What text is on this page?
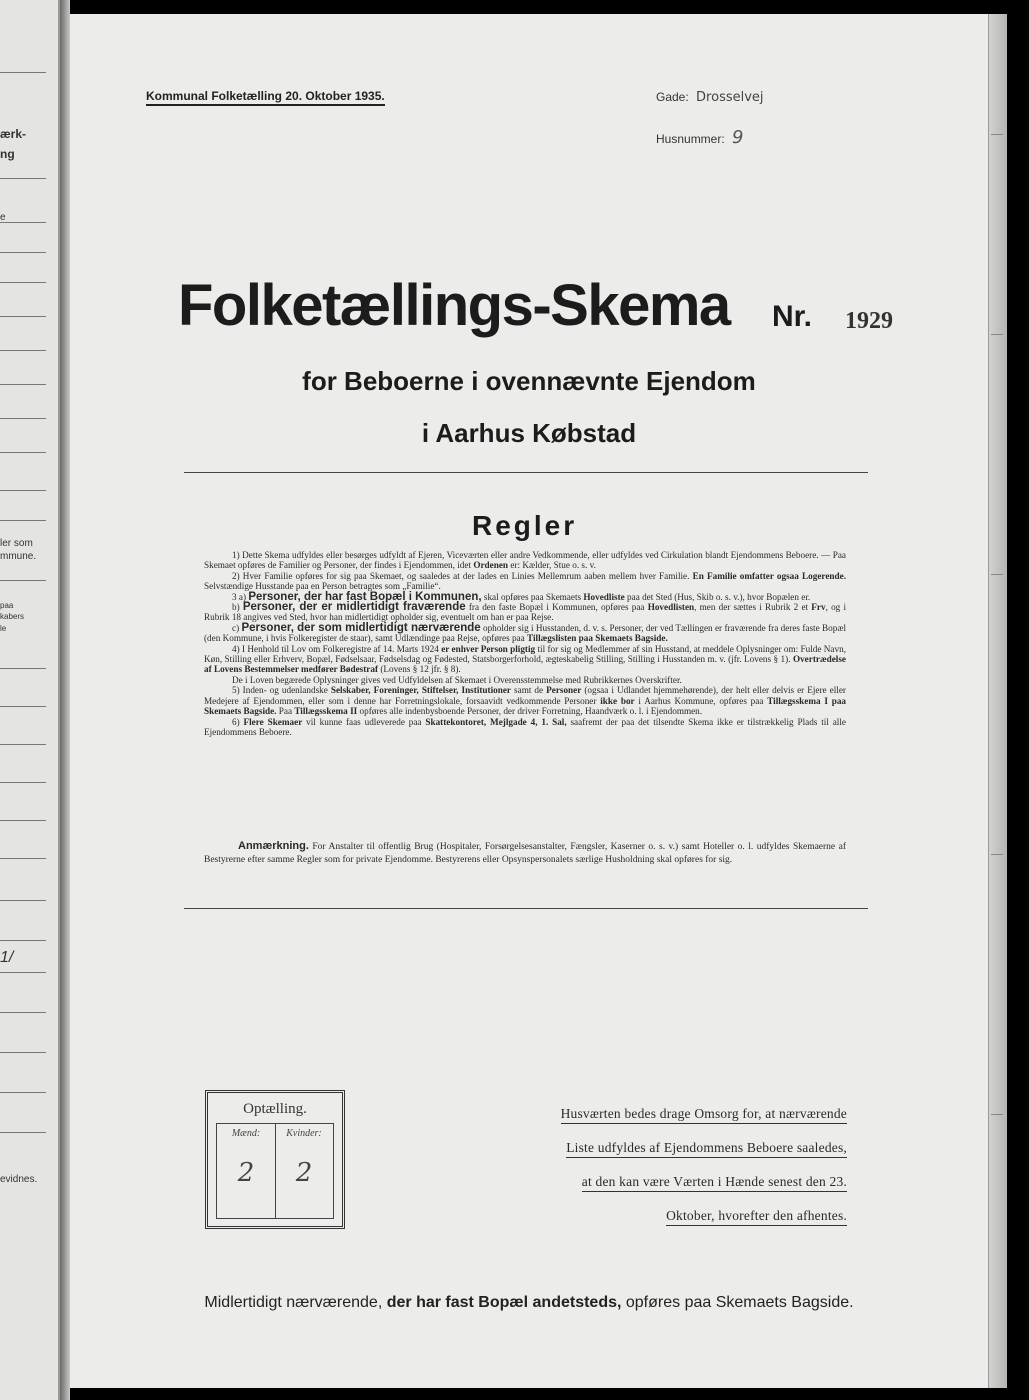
ærk-
ng
e
ler som
mmune.
paa
kabers
le
1/
evidnes.
Kommunal Folketælling 20. Oktober 1935.	Gade: Drosselvej
Husnummer: 9
Folketællings-Skema Nr. 1929
for Beboerne i ovennævnte Ejendom
i Aarhus Købstad
Regler

1) Dette Skema udfyldes eller besørges udfyldt af Ejeren, Viceværten eller andre Vedkommende, eller udfyldes ved Cirkulation blandt Ejendommens Beboere. — Paa Skemaet opføres de Familier og Personer, der findes i Ejendommen, idet Ordenen er: Kælder, Stue o. s. v.

2) Hver Familie opføres for sig paa Skemaet, og saaledes at der lades en Linies Mellemrum aaben mellem hver Familie. En Familie omfatter ogsaa Logerende. Selvstændige Husstande paa en Person betragtes som „Familie“.

3 a) Personer, der har fast Bopæl i Kommunen, skal opføres paa Skemaets Hovedliste paa det Sted (Hus, Skib o. s. v.), hvor Bopælen er.

b) Personer, der er midlertidigt fraværende fra den faste Bopæl i Kommunen, opføres paa Hovedlisten, men der sættes i Rubrik 2 et Frv, og i Rubrik 18 angives ved Sted, hvor han midlertidigt opholder sig, eventuelt om han er paa Rejse.

c) Personer, der som midlertidigt nærværende opholder sig i Husstanden, d. v. s. Personer, der ved Tællingen er fraværende fra deres faste Bopæl (den Kommune, i hvis Folkeregister de staar), samt Udlændinge paa Rejse, opføres paa Tillægslisten paa Skemaets Bagside.

4) I Henhold til Lov om Folkeregistre af 14. Marts 1924 er enhver Person pligtig til for sig og Medlemmer af sin Husstand, at meddele Oplysninger om: Fulde Navn, Køn, Stilling eller Erhverv, Bopæl, Fødselsaar, Fødselsdag og Fødested, Statsborgerforhold, ægteskabelig Stilling, Stilling i Husstanden m. v. (jfr. Lovens § 1). Overtrædelse af Lovens Bestemmelser medfører Bødestraf (Lovens § 12 jfr. § 8).

De i Loven begærede Oplysninger gives ved Udfyldelsen af Skemaet i Overensstemmelse med Rubrikkernes Overskrifter.

5) Inden- og udenlandske Selskaber, Foreninger, Stiftelser, Institutioner samt de Personer (ogsaa i Udlandet hjemmehørende), der helt eller delvis er Ejere eller Medejere af Ejendommen, eller som i denne har Forretningslokale, forsaavidt vedkommende Personer ikke bor i Aarhus Kommune, opføres paa Tillægsskema I paa Skemaets Bagside. Paa Tillægsskema II opføres alle indenbysboende Personer, der driver Forretning, Haandværk o. l. i Ejendommen.

6) Flere Skemaer vil kunne faas udleverede paa Skattekontoret, Mejlgade 4, 1. Sal, saafremt der paa det tilsendte Skema ikke er tilstrækkelig Plads til alle Ejendommens Beboere.

Anmærkning. For Anstalter til offentlig Brug (Hospitaler, Forsørgelsesanstalter, Fængsler, Kaserner o. s. v.) samt Hoteller o. l. udfyldes Skemaerne af Bestyrerne efter samme Regler som for private Ejendomme. Bestyrerens eller Opsynspersonalets særlige Husholdning skal opføres for sig.
Optælling.
Mænd:
2
Kvinder:
2
Husværten bedes drage Omsorg for, at nærværende
Liste udfyldes af Ejendommens Beboere saaledes,
at den kan være Værten i Hænde senest den 23.
Oktober, hvorefter den afhentes.
Midlertidigt nærværende, der har fast Bopæl andetsteds, opføres paa Skemaets Bagside.
